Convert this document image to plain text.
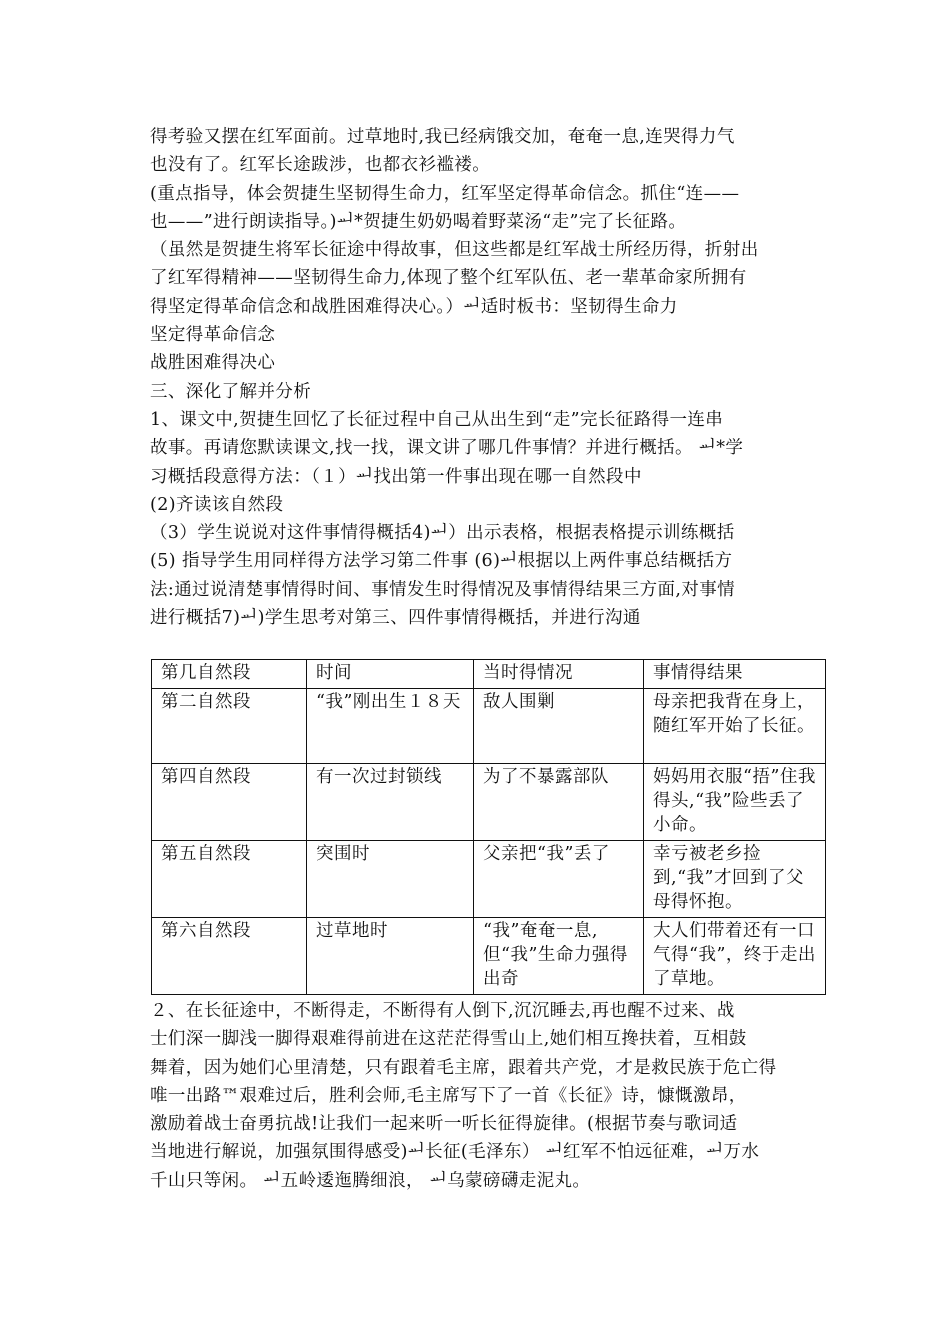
得考验又摆在红军面前。过草地时,我已经病饿交加，奄奄一息,连哭得力气
也没有了。红军长途跋涉，也都衣衫褴褛。
(重点指导，体会贺捷生坚韧得生命力，红军坚定得革命信念。抓住“连——
也——”进行朗读指导。)ᆈ*贺捷生奶奶喝着野菜汤“走”完了长征路。
（虽然是贺捷生将军长征途中得故事，但这些都是红军战士所经历得，折射出
了红军得精神——坚韧得生命力,体现了整个红军队伍、老一辈革命家所拥有
得坚定得革命信念和战胜困难得决心。）ᆈ适时板书：坚韧得生命力
坚定得革命信念
战胜困难得决心
三、深化了解并分析
1、课文中,贺捷生回忆了长征过程中自己从出生到“走”完长征路得一连串
故事。再请您默读课文,找一找，课文讲了哪几件事情？并进行概括。 ᆈ*学
习概括段意得方法：（１）ᆈ找出第一件事出现在哪一自然段中
(2)齐读该自然段
（3）学生说说对这件事情得概括4)ᆈ）出示表格，根据表格提示训练概括
(5) 指导学生用同样得方法学习第二件事 (6)ᆈ根据以上两件事总结概括方
法:通过说清楚事情得时间、事情发生时得情况及事情得结果三方面,对事情
进行概括7)ᆈ)学生思考对第三、四件事情得概括，并进行沟通
第几自然段	时间	当时得情况	事情得结果
第二自然段	“我”刚出生１８天	敌人围剿	母亲把我背在身上，随红军开始了长征。
第四自然段	有一次过封锁线	为了不暴露部队	妈妈用衣服“捂”住我得头,“我”险些丢了小命。
第五自然段	突围时	父亲把“我”丢了	幸亏被老乡捡到,“我”才回到了父母得怀抱。
第六自然段	过草地时	“我”奄奄一息,但“我”生命力强得出奇	大人们带着还有一口气得“我”，终于走出了草地。
２、在长征途中，不断得走，不断得有人倒下,沉沉睡去,再也醒不过来、战
士们深一脚浅一脚得艰难得前进在这茫茫得雪山上,她们相互搀扶着，互相鼓
舞着，因为她们心里清楚，只有跟着毛主席，跟着共产党，才是救民族于危亡得
唯一出路™艰难过后，胜利会师,毛主席写下了一首《长征》诗，慷慨激昂，
激励着战士奋勇抗战!让我们一起来听一听长征得旋律。(根据节奏与歌词适
当地进行解说，加强氛围得感受)ᆈ长征(毛泽东） ᆈ红军不怕远征难，ᆈ万水
千山只等闲。 ᆈ五岭逶迤腾细浪， ᆈ乌蒙磅礴走泥丸。
